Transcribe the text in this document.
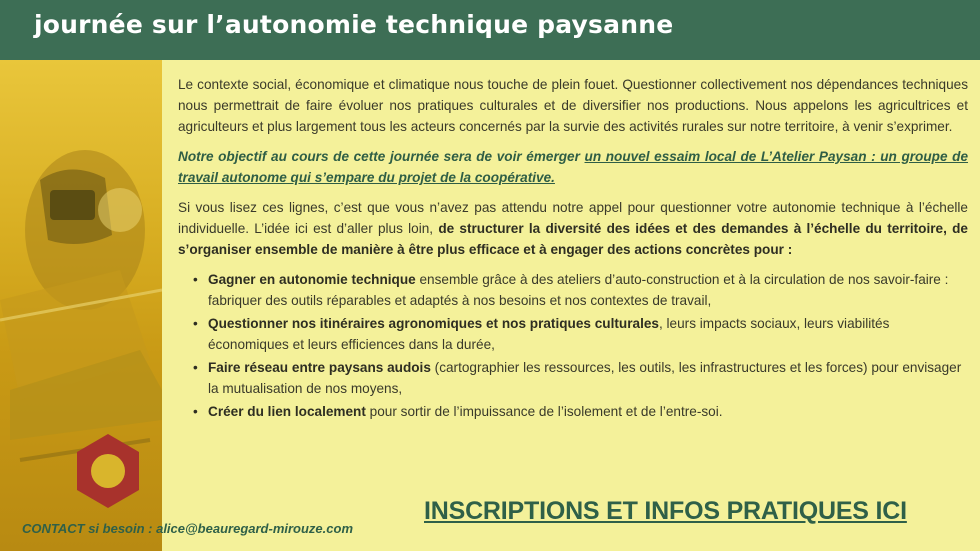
journée sur l’autonomie technique paysanne

Le contexte social, économique et climatique nous touche de plein fouet. Questionner collectivement nos dépendances techniques nous permettrait de faire évoluer nos pratiques culturales et de diversifier nos productions. Nous appelons les agricultrices et agriculteurs et plus largement tous les acteurs concernés par la survie des activités rurales sur notre territoire, à venir s’exprimer.

Notre objectif au cours de cette journée sera de voir émerger un nouvel essaim local de L’Atelier Paysan : un groupe de travail autonome qui s’empare du projet de la coopérative.

Si vous lisez ces lignes, c’est que vous n’avez pas attendu notre appel pour questionner votre autonomie technique à l’échelle individuelle. L’idée ici est d’aller plus loin, de structurer la diversité des idées et des demandes à l’échelle du territoire, de s’organiser ensemble de manière à être plus efficace et à engager des actions concrètes pour :

• Gagner en autonomie technique ensemble grâce à des ateliers d’auto-construction et à la circulation de nos savoir-faire : fabriquer des outils réparables et adaptés à nos besoins et nos contextes de travail,
• Questionner nos itinéraires agronomiques et nos pratiques culturales, leurs impacts sociaux, leurs viabilités économiques et leurs efficiences dans la durée,
• Faire réseau entre paysans audois (cartographier les ressources, les outils, les infrastructures et les forces) pour envisager la mutualisation de nos moyens,
• Créer du lien localement pour sortir de l’impuissance de l’isolement et de l’entre-soi.
INSCRIPTIONS ET INFOS PRATIQUES ICI
CONTACT si besoin : alice@beauregard-mirouze.com
